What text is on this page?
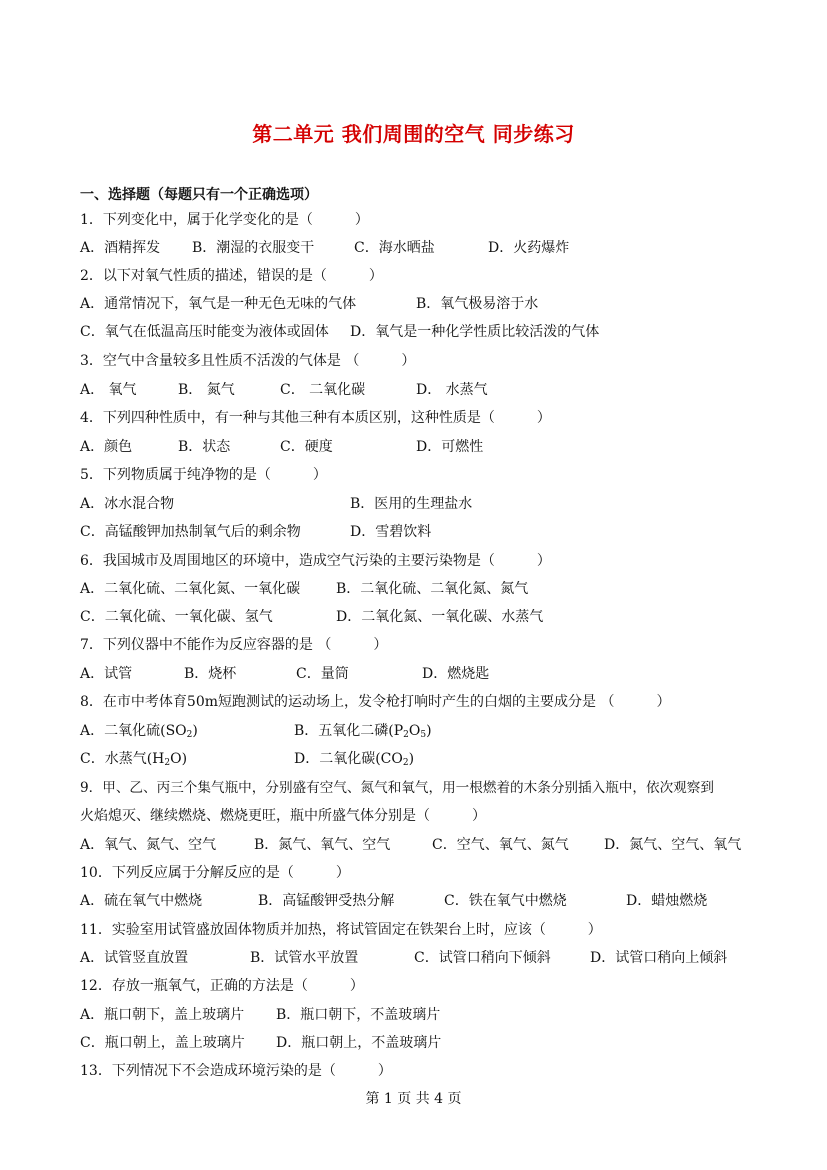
第二单元 我们周围的空气 同步练习
一、选择题（每题只有一个正确选项）
1．下列变化中，属于化学变化的是（　　　）
A．酒精挥发 B．潮湿的衣服变干	C．海水晒盐	D．火药爆炸
2．以下对氧气性质的描述，错误的是（　　　）
A．通常情况下，氧气是一种无色无味的气体	B．氧气极易溶于水
C．氧气在低温高压时能变为液体或固体 D．氧气是一种化学性质比较活泼的气体
3．空气中含量较多且性质不活泼的气体是 （　　　）
A． 氧气	B． 氮气	C． 二氧化碳	D． 水蒸气
4．下列四种性质中，有一种与其他三种有本质区别，这种性质是（　　　）
A．颜色	B．状态	C．硬度	D．可燃性
5．下列物质属于纯净物的是（　　　）
A．冰水混合物	B．医用的生理盐水
C．高锰酸钾加热制氧气后的剩余物	D．雪碧饮料
6．我国城市及周围地区的环境中，造成空气污染的主要污染物是（　　　）
A．二氧化硫、二氧化氮、一氧化碳	B．二氧化硫、二氧化氮、氮气
C．二氧化硫、一氧化碳、氢气	D．二氧化氮、一氧化碳、水蒸气
7．下列仪器中不能作为反应容器的是 （　　　）
A．试管	B．烧杯	C．量筒	D．燃烧匙
8．在市中考体育50m短跑测试的运动场上，发令枪打响时产生的白烟的主要成分是 （　　　）
A．二氧化硫$(SO_2)$	B．五氧化二磷$(P_2O_5)$
C．水蒸气$(H_2O)$	D．二氧化碳$(CO_2)$
9．甲、乙、丙三个集气瓶中，分别盛有空气、氮气和氧气，用一根燃着的木条分别插入瓶中，依次观察到
火焰熄灭、继续燃烧、燃烧更旺，瓶中所盛气体分别是（　　　）
A．氧气、氮气、空气	B．氮气、氧气、空气	C．空气、氧气、氮气	D．氮气、空气、氧气
10．下列反应属于分解反应的是（　　　）
A．硫在氧气中燃烧	B．高锰酸钾受热分解	C．铁在氧气中燃烧	D．蜡烛燃烧
11．实验室用试管盛放固体物质并加热，将试管固定在铁架台上时，应该（　　　）
A．试管竖直放置	B．试管水平放置	C．试管口稍向下倾斜	D．试管口稍向上倾斜
12．存放一瓶氧气，正确的方法是（　　　）
A．瓶口朝下，盖上玻璃片 B．瓶口朝下，不盖玻璃片
C．瓶口朝上，盖上玻璃片 D．瓶口朝上，不盖玻璃片
13．下列情况下不会造成环境污染的是（　　　）
第 1 页 共 4 页
